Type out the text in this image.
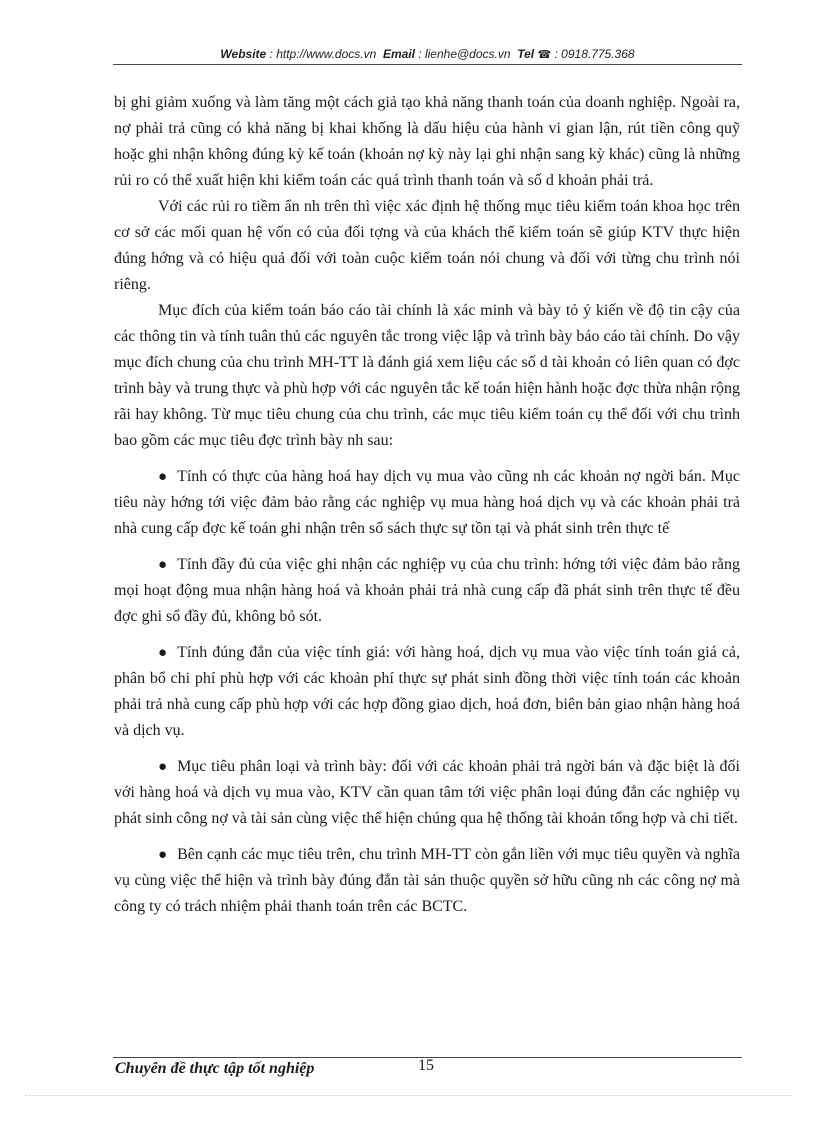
Website : http://www.docs.vn Email : lienhe@docs.vn Tel ☎ : 0918.775.368

bị ghi giảm xuống và làm tăng một cách giả tạo khả năng thanh toán của doanh nghiệp. Ngoài ra, nợ phải trả cũng có khả năng bị khai khống là dấu hiệu của hành vi gian lận, rút tiền công quỹ hoặc ghi nhận không đúng kỳ kế toán (khoản nợ kỳ này lại ghi nhận sang kỳ khác) cũng là những rủi ro có thể xuất hiện khi kiểm toán các quá trình thanh toán và số d khoản phải trả.

Với các rủi ro tiềm ẩn nh trên thì việc xác định hệ thống mục tiêu kiểm toán khoa học trên cơ sở các mối quan hệ vốn có của đối tợng và của khách thể kiểm toán sẽ giúp KTV thực hiện đúng hớng và có hiệu quả đối với toàn cuộc kiểm toán nói chung và đối với từng chu trình nói riêng.

Mục đích của kiểm toán báo cáo tài chính là xác minh và bày tỏ ý kiến về độ tin cậy của các thông tin và tính tuân thủ các nguyên tắc trong việc lập và trình bày báo cáo tài chính. Do vậy mục đích chung của chu trình MH-TT là đánh giá xem liệu các số d tài khoản có liên quan có đợc trình bày và trung thực và phù hợp với các nguyên tắc kế toán hiện hành hoặc đợc thừa nhận rộng rãi hay không. Từ mục tiêu chung của chu trình, các mục tiêu kiểm toán cụ thể đối với chu trình bao gồm các mục tiêu đợc trình bày nh sau:

● Tính có thực của hàng hoá hay dịch vụ mua vào cũng nh các khoản nợ ngời bán. Mục tiêu này hớng tới việc đảm bảo rằng các nghiệp vụ mua hàng hoá dịch vụ và các khoản phải trả nhà cung cấp đợc kế toán ghi nhận trên sổ sách thực sự tồn tại và phát sinh trên thực tế

● Tính đầy đủ của việc ghi nhận các nghiệp vụ của chu trình: hớng tới việc đảm bảo rằng mọi hoạt động mua nhận hàng hoá và khoản phải trả nhà cung cấp đã phát sinh trên thực tế đều đợc ghi sổ đầy đủ, không bỏ sót.

● Tính đúng đắn của việc tính giá: với hàng hoá, dịch vụ mua vào việc tính toán giá cả, phân bổ chi phí phù hợp với các khoản phí thực sự phát sinh đồng thời việc tính toán các khoản phải trả nhà cung cấp phù hợp với các hợp đồng giao dịch, hoá đơn, biên bản giao nhận hàng hoá và dịch vụ.

● Mục tiêu phân loại và trình bày: đối với các khoản phải trả ngời bán và đặc biệt là đối với hàng hoá và dịch vụ mua vào, KTV cần quan tâm tới việc phân loại đúng đắn các nghiệp vụ phát sinh công nợ và tài sản cùng việc thể hiện chúng qua hệ thống tài khoản tổng hợp và chi tiết.

● Bên cạnh các mục tiêu trên, chu trình MH-TT còn gắn liền với mục tiêu quyền và nghĩa vụ cùng việc thể hiện và trình bày đúng đắn tài sản thuộc quyền sở hữu cũng nh các công nợ mà công ty có trách nhiệm phải thanh toán trên các BCTC.

Chuyên đề thực tập tốt nghiệp	15
